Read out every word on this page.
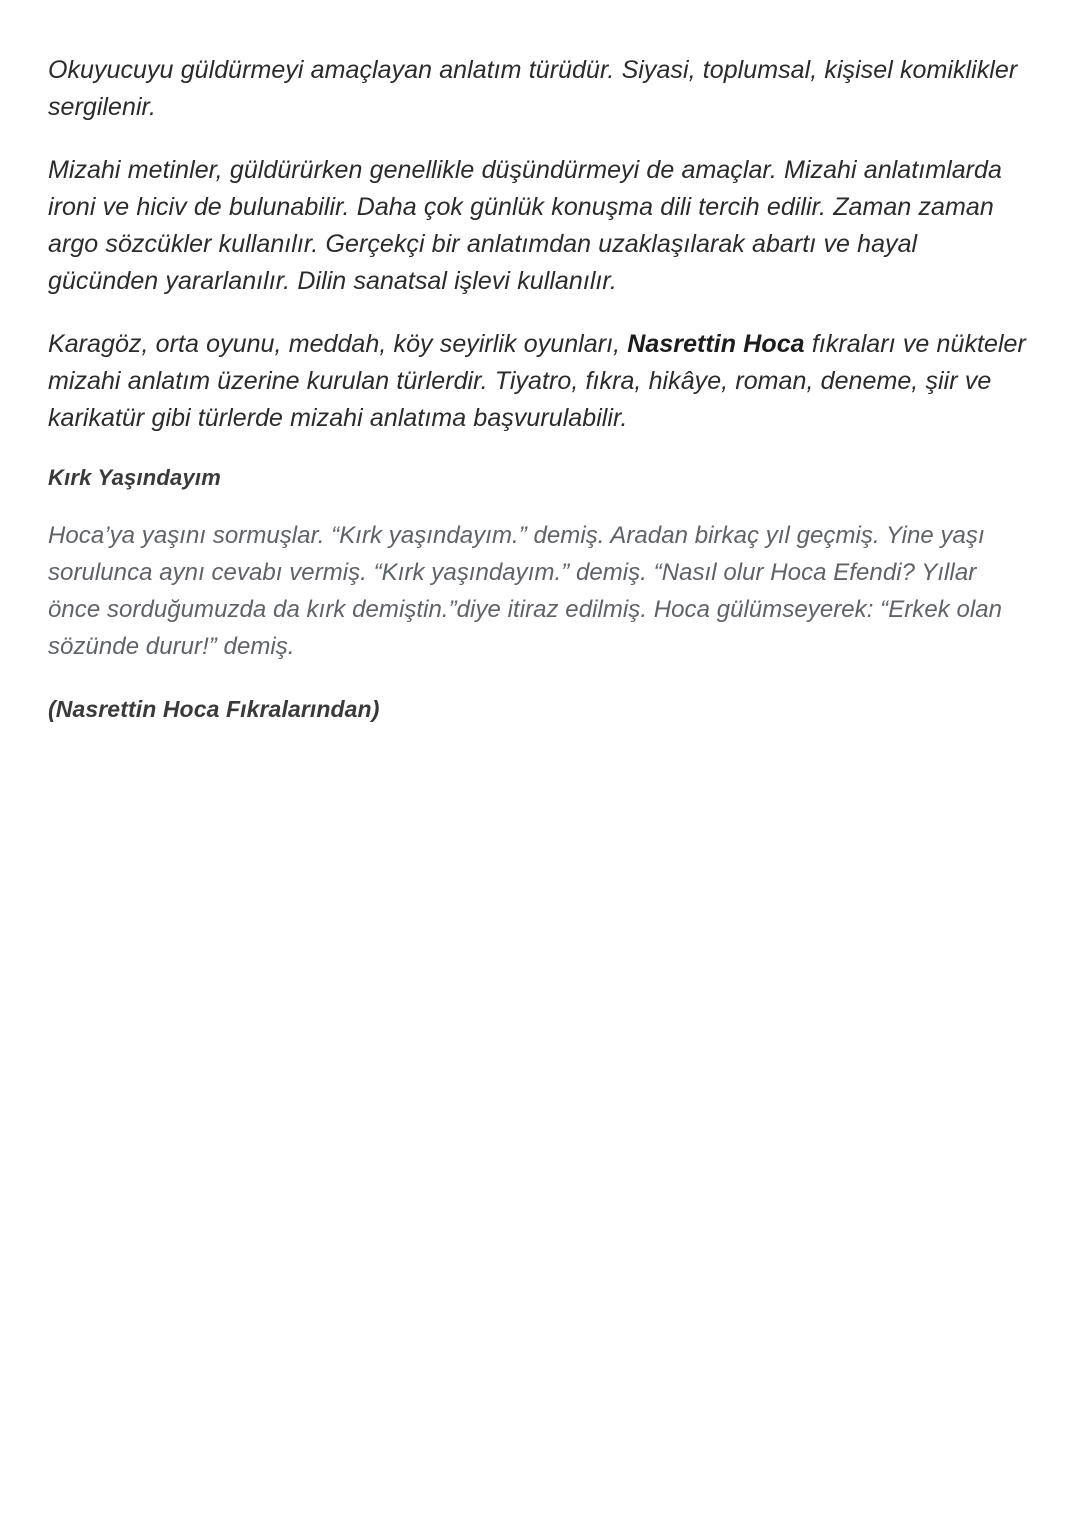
Okuyucuyu güldürmeyi amaçlayan anlatım türüdür. Siyasi, toplumsal, kişisel komiklikler sergilenir.

Mizahi metinler, güldürürken genellikle düşündürmeyi de amaçlar. Mizahi anlatımlarda ironi ve hiciv de bulunabilir. Daha çok günlük konuşma dili tercih edilir. Zaman zaman argo sözcükler kullanılır. Gerçekçi bir anlatımdan uzaklaşılarak abartı ve hayal gücünden yararlanılır. Dilin sanatsal işlevi kullanılır.

Karagöz, orta oyunu, meddah, köy seyirlik oyunları, Nasrettin Hoca fıkraları ve nükteler mizahi anlatım üzerine kurulan türlerdir. Tiyatro, fıkra, hikâye, roman, deneme, şiir ve karikatür gibi türlerde mizahi anlatıma başvurulabilir.

Kırk Yaşındayım

Hoca’ya yaşını sormuşlar. “Kırk yaşındayım.” demiş. Aradan birkaç yıl geçmiş. Yine yaşı sorulunca aynı cevabı vermiş. “Kırk yaşındayım.” demiş. “Nasıl olur Hoca Efendi? Yıllar önce sorduğumuzda da kırk demiştin.”diye itiraz edilmiş. Hoca gülümseyerek: “Erkek olan sözünde durur!” demiş.

(Nasrettin Hoca Fıkralarından)
